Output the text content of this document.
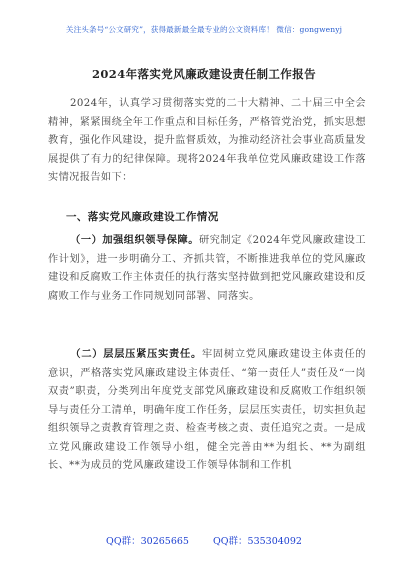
关注头条号“公文研究”，获得最新最全最专业的公文资料库！ 微信：gongwenyj
2024年落实党风廉政建设责任制工作报告
2024年，认真学习贯彻落实党的二十大精神、二十届三中全会精神，紧紧围绕全年工作重点和目标任务，严格管党治党，抓实思想教育，强化作风建设，提升监督质效，为推动经济社会事业高质量发展提供了有力的纪律保障。现将2024年我单位党风廉政建设工作落实情况报告如下：
一、落实党风廉政建设工作情况
（一）加强组织领导保障。研究制定《2024年党风廉政建设工作计划》，进一步明确分工、齐抓共管，不断推进我单位的党风廉政建设和反腐败工作主体责任的执行落实坚持做到把党风廉政建设和反腐败工作与业务工作同规划同部署、同落实。
（二）层层压紧压实责任。牢固树立党风廉政建设主体责任的意识，严格落实党风廉政建设主体责任、“第一责任人”责任及“一岗双责”职责，分类列出年度党支部党风廉政建设和反腐败工作组织领导与责任分工清单，明确年度工作任务，层层压实责任，切实担负起组织领导之责教育管理之责、检查考核之责、责任追究之责。一是成立党风廉政建设工作领导小组，健全完善由**为组长、**为副组长、**为成员的党风廉政建设工作领导体制和工作机
QQ群：30265665	QQ群：535304092
